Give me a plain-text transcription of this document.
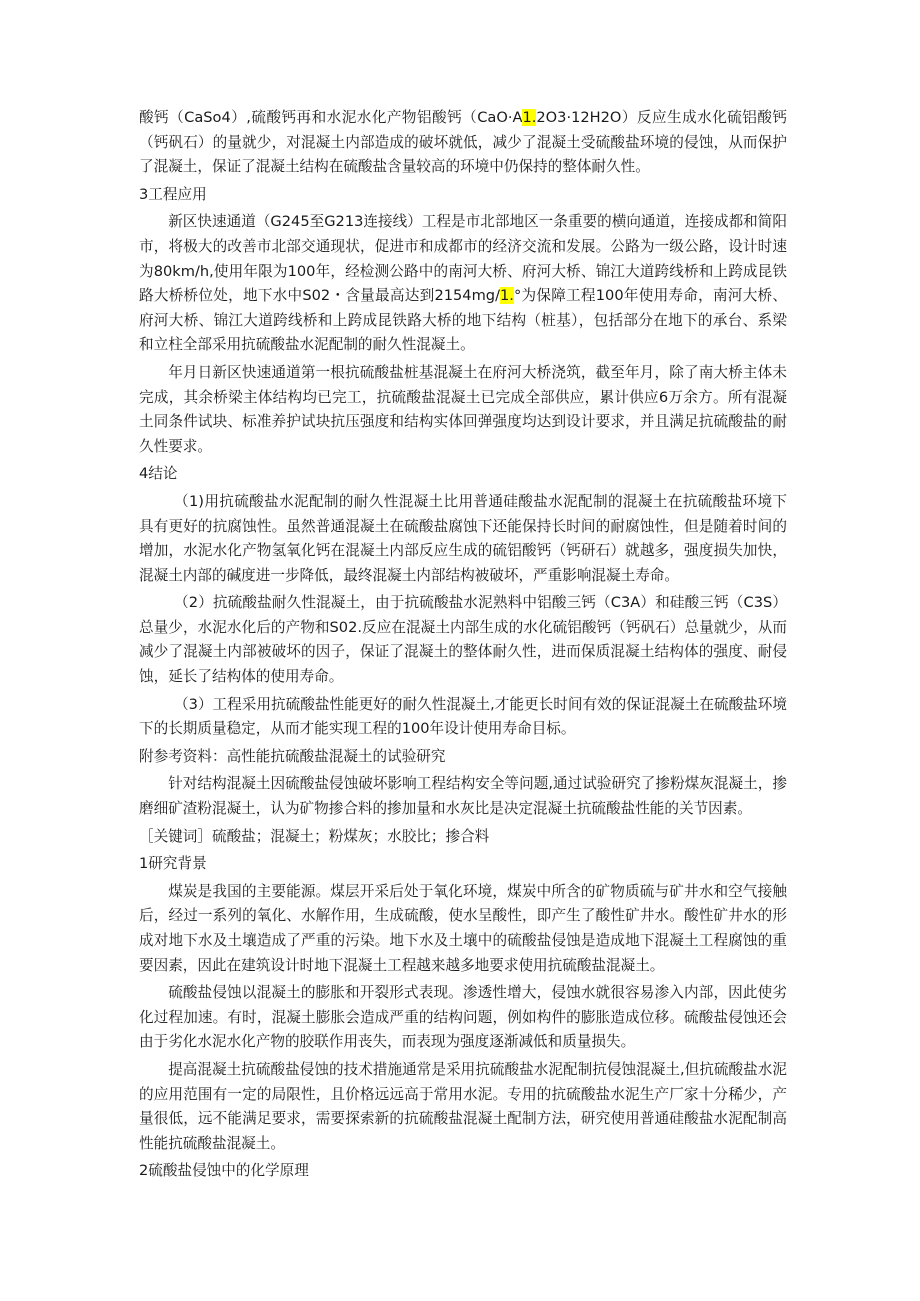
酸钙（CaSo4）,硫酸钙再和水泥水化产物铝酸钙（CaO·A1.2O3·12H2O）反应生成水化硫铝酸钙（钙矾石）的量就少，对混凝土内部造成的破坏就低，减少了混凝土受硫酸盐环境的侵蚀，从而保护了混凝土，保证了混凝土结构在硫酸盐含量较高的环境中仍保持的整体耐久性。

3工程应用

新区快速通道（G245至G213连接线）工程是市北部地区一条重要的横向通道，连接成都和简阳市，将极大的改善市北部交通现状，促进市和成都市的经济交流和发展。公路为一级公路，设计时速为80km/h,使用年限为100年，经检测公路中的南河大桥、府河大桥、锦江大道跨线桥和上跨成昆铁路大桥桥位处，地下水中S02・含量最高达到2154mg/1.°为保障工程100年使用寿命，南河大桥、府河大桥、锦江大道跨线桥和上跨成昆铁路大桥的地下结构（桩基），包括部分在地下的承台、系梁和立柱全部采用抗硫酸盐水泥配制的耐久性混凝土。

年月日新区快速通道第一根抗硫酸盐桩基混凝土在府河大桥浇筑，截至年月，除了南大桥主体未完成，其余桥梁主体结构均已完工，抗硫酸盐混凝土已完成全部供应，累计供应6万余方。所有混凝土同条件试块、标准养护试块抗压强度和结构实体回弹强度均达到设计要求，并且满足抗硫酸盐的耐久性要求。

4结论

（1)用抗硫酸盐水泥配制的耐久性混凝土比用普通硅酸盐水泥配制的混凝土在抗硫酸盐环境下具有更好的抗腐蚀性。虽然普通混凝土在硫酸盐腐蚀下还能保持长时间的耐腐蚀性，但是随着时间的增加，水泥水化产物氢氧化钙在混凝土内部反应生成的硫铝酸钙（钙研石）就越多，强度损失加快，混凝土内部的碱度进一步降低，最终混凝土内部结构被破坏，严重影响混凝土寿命。

（2）抗硫酸盐耐久性混凝土，由于抗硫酸盐水泥熟料中铝酸三钙（C3A）和硅酸三钙（C3S）总量少，水泥水化后的产物和S02.反应在混凝土内部生成的水化硫铝酸钙（钙矾石）总量就少，从而减少了混凝土内部被破坏的因子，保证了混凝土的整体耐久性，进而保质混凝土结构体的强度、耐侵蚀，延长了结构体的使用寿命。

（3）工程采用抗硫酸盐性能更好的耐久性混凝土,才能更长时间有效的保证混凝土在硫酸盐环境下的长期质量稳定，从而才能实现工程的100年设计使用寿命目标。

附参考资料：高性能抗硫酸盐混凝土的试验研究

针对结构混凝土因硫酸盐侵蚀破坏影响工程结构安全等问题,通过试验研究了掺粉煤灰混凝土，掺磨细矿渣粉混凝土，认为矿物掺合料的掺加量和水灰比是决定混凝土抗硫酸盐性能的关节因素。

［关键词］硫酸盐；混凝土；粉煤灰；水胶比；掺合料

1研究背景

煤炭是我国的主要能源。煤层开采后处于氧化环境，煤炭中所含的矿物质硫与矿井水和空气接触后，经过一系列的氧化、水解作用，生成硫酸，使水呈酸性，即产生了酸性矿井水。酸性矿井水的形成对地下水及土壤造成了严重的污染。地下水及土壤中的硫酸盐侵蚀是造成地下混凝土工程腐蚀的重要因素，因此在建筑设计时地下混凝土工程越来越多地要求使用抗硫酸盐混凝土。

硫酸盐侵蚀以混凝土的膨胀和开裂形式表现。渗透性增大，侵蚀水就很容易渗入内部，因此使劣化过程加速。有时，混凝土膨胀会造成严重的结构问题，例如构件的膨胀造成位移。硫酸盐侵蚀还会由于劣化水泥水化产物的胶联作用丧失，而表现为强度逐渐减低和质量损失。

提高混凝土抗硫酸盐侵蚀的技术措施通常是采用抗硫酸盐水泥配制抗侵蚀混凝土,但抗硫酸盐水泥的应用范围有一定的局限性，且价格远远高于常用水泥。专用的抗硫酸盐水泥生产厂家十分稀少，产量很低，远不能满足要求，需要探索新的抗硫酸盐混凝土配制方法，研究使用普通硅酸盐水泥配制高性能抗硫酸盐混凝土。

2硫酸盐侵蚀中的化学原理
